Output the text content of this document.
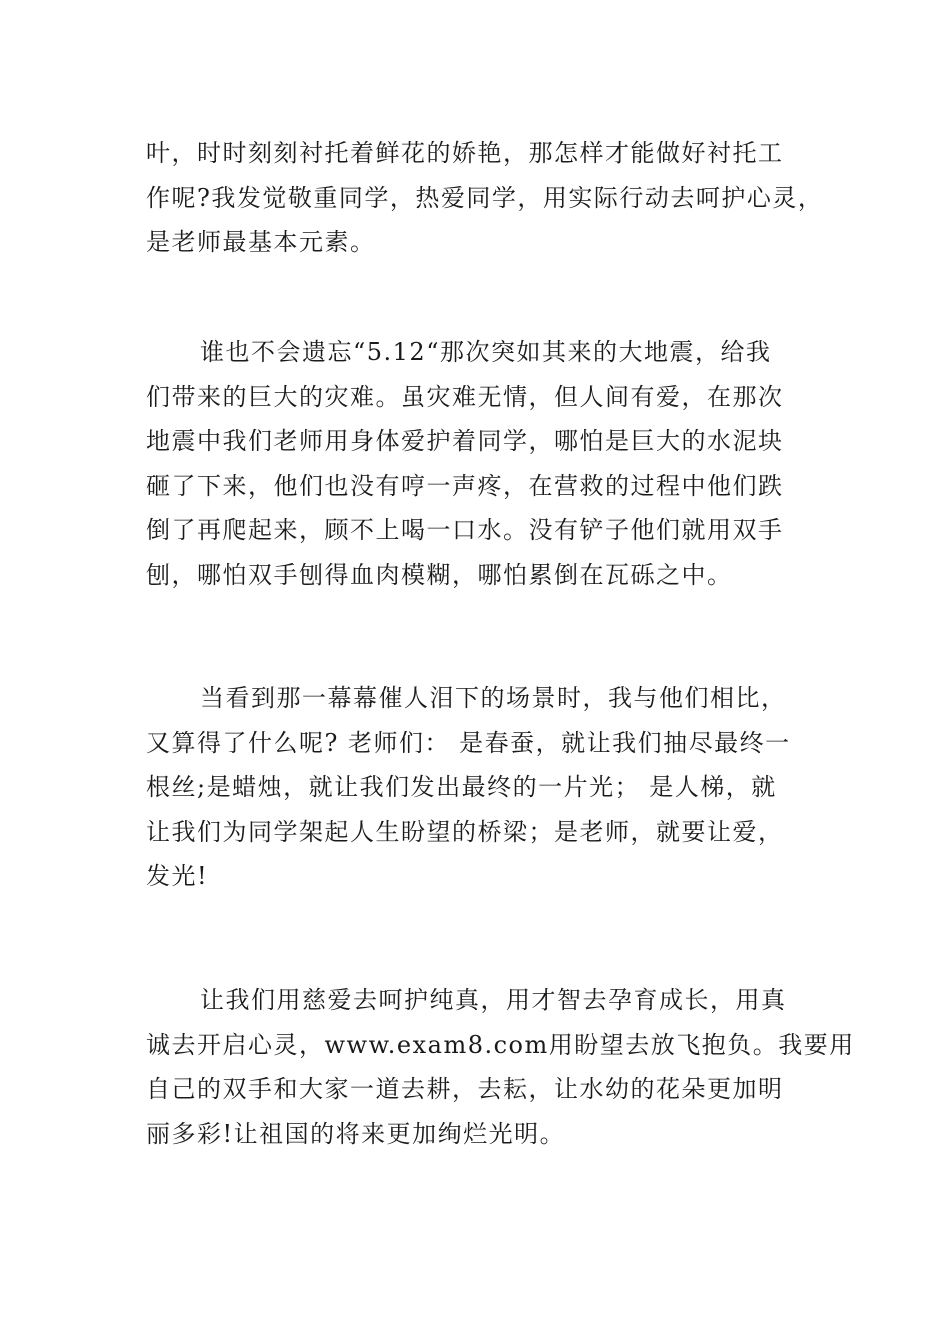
叶，时时刻刻衬托着鲜花的娇艳，那怎样才能做好衬托工
作呢?我发觉敬重同学，热爱同学，用实际行动去呵护心灵，
是老师最基本元素。
谁也不会遗忘“5.12“那次突如其来的大地震，给我
们带来的巨大的灾难。虽灾难无情，但人间有爱，在那次
地震中我们老师用身体爱护着同学，哪怕是巨大的水泥块
砸了下来，他们也没有哼一声疼，在营救的过程中他们跌
倒了再爬起来，顾不上喝一口水。没有铲子他们就用双手
刨，哪怕双手刨得血肉模糊，哪怕累倒在瓦砾之中。
当看到那一幕幕催人泪下的场景时，我与他们相比，
又算得了什么呢? 老师们： 是春蚕，就让我们抽尽最终一
根丝;是蜡烛，就让我们发出最终的一片光； 是人梯，就
让我们为同学架起人生盼望的桥梁；是老师，就要让爱，
发光!
让我们用慈爱去呵护纯真，用才智去孕育成长，用真
诚去开启心灵，www.exam8.com用盼望去放飞抱负。我要用
自己的双手和大家一道去耕，去耘，让水幼的花朵更加明
丽多彩!让祖国的将来更加绚烂光明。
